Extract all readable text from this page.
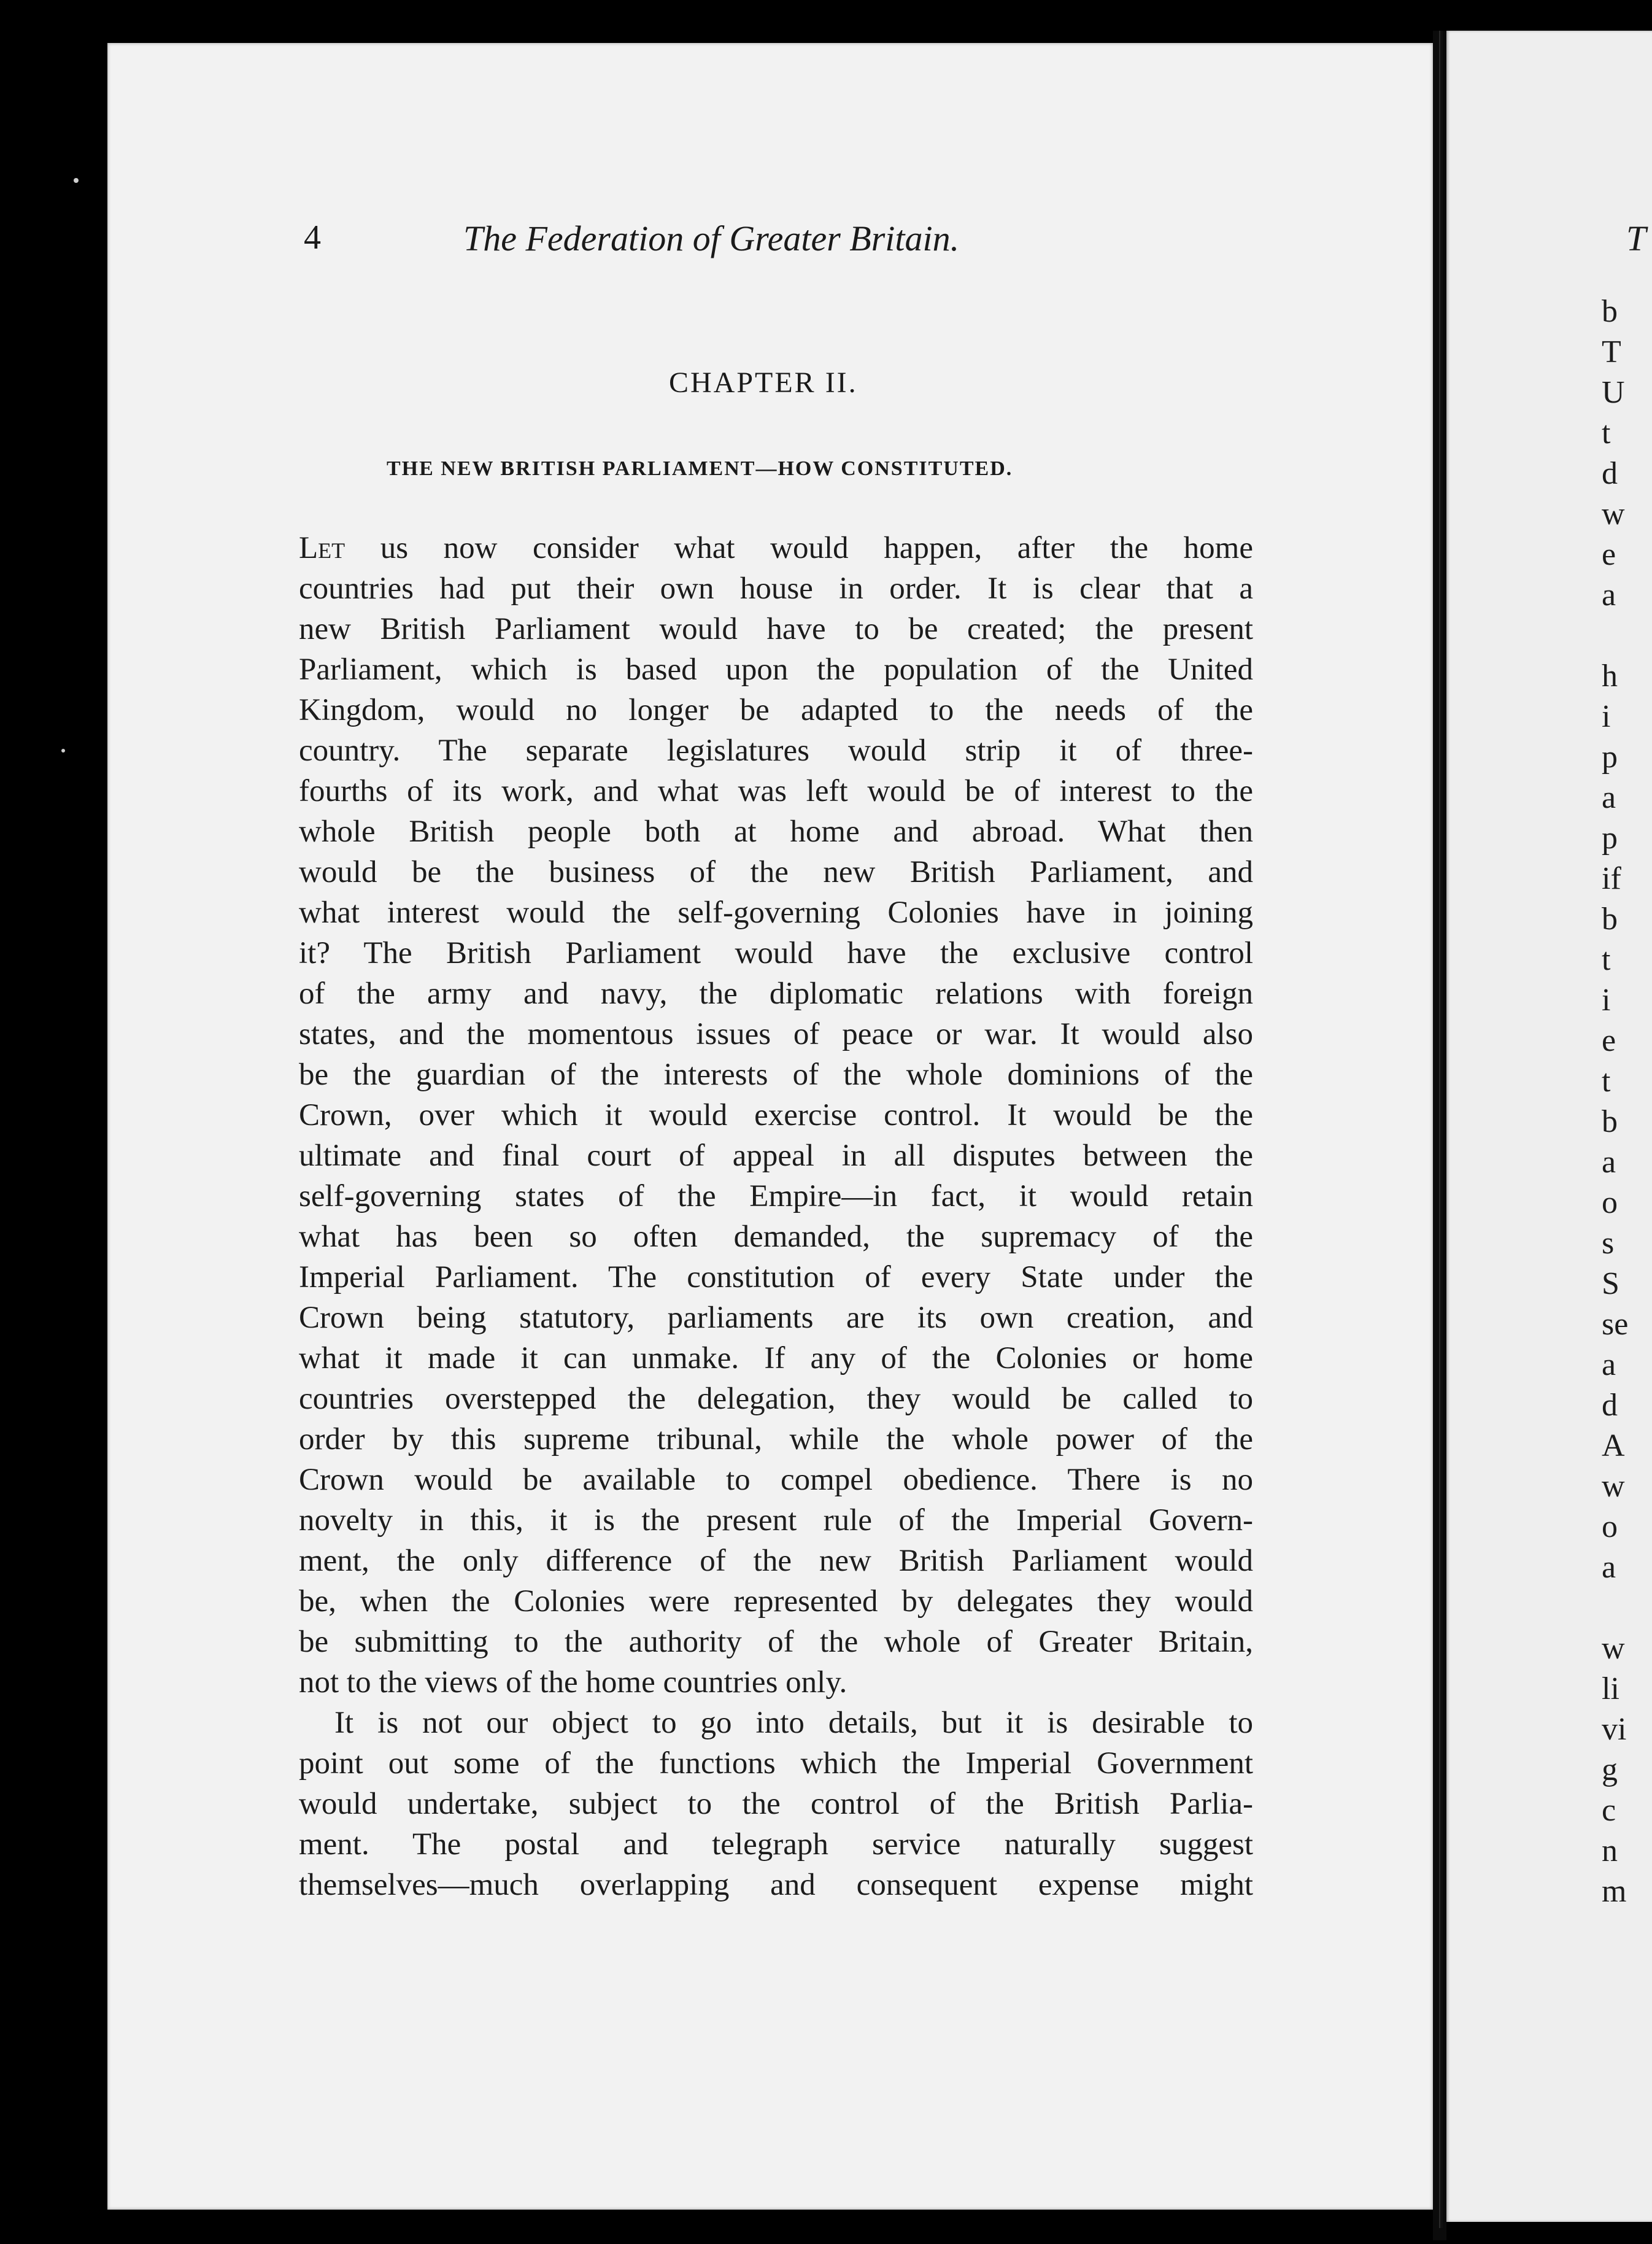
4	The Federation of Greater Britain.
CHAPTER II.
THE NEW BRITISH PARLIAMENT—HOW CONSTITUTED.
Let us now consider what would happen, after the home
countries had put their own house in order. It is clear that a
new British Parliament would have to be created; the present
Parliament, which is based upon the population of the United
Kingdom, would no longer be adapted to the needs of the
country. The separate legislatures would strip it of three-
fourths of its work, and what was left would be of interest to the
whole British people both at home and abroad. What then
would be the business of the new British Parliament, and
what interest would the self-governing Colonies have in joining
it? The British Parliament would have the exclusive control
of the army and navy, the diplomatic relations with foreign
states, and the momentous issues of peace or war. It would also
be the guardian of the interests of the whole dominions of the
Crown, over which it would exercise control. It would be the
ultimate and final court of appeal in all disputes between the
self-governing states of the Empire—in fact, it would retain
what has been so often demanded, the supremacy of the
Imperial Parliament. The constitution of every State under the
Crown being statutory, parliaments are its own creation, and
what it made it can unmake. If any of the Colonies or home
countries overstepped the delegation, they would be called to
order by this supreme tribunal, while the whole power of the
Crown would be available to compel obedience. There is no
novelty in this, it is the present rule of the Imperial Govern-
ment, the only difference of the new British Parliament would
be, when the Colonies were represented by delegates they would
be submitting to the authority of the whole of Greater Britain,
not to the views of the home countries only.
It is not our object to go into details, but it is desirable to
point out some of the functions which the Imperial Government
would undertake, subject to the control of the British Parlia-
ment. The postal and telegraph service naturally suggest
themselves—much overlapping and consequent expense might
T
b
T
U
t
d
w
e
a
h
i
p
a
p
if
b
t
i
e
t
b
a
o
s
S
se
a
d
A
w
o
a
w
li
vi
g
c
n
m
